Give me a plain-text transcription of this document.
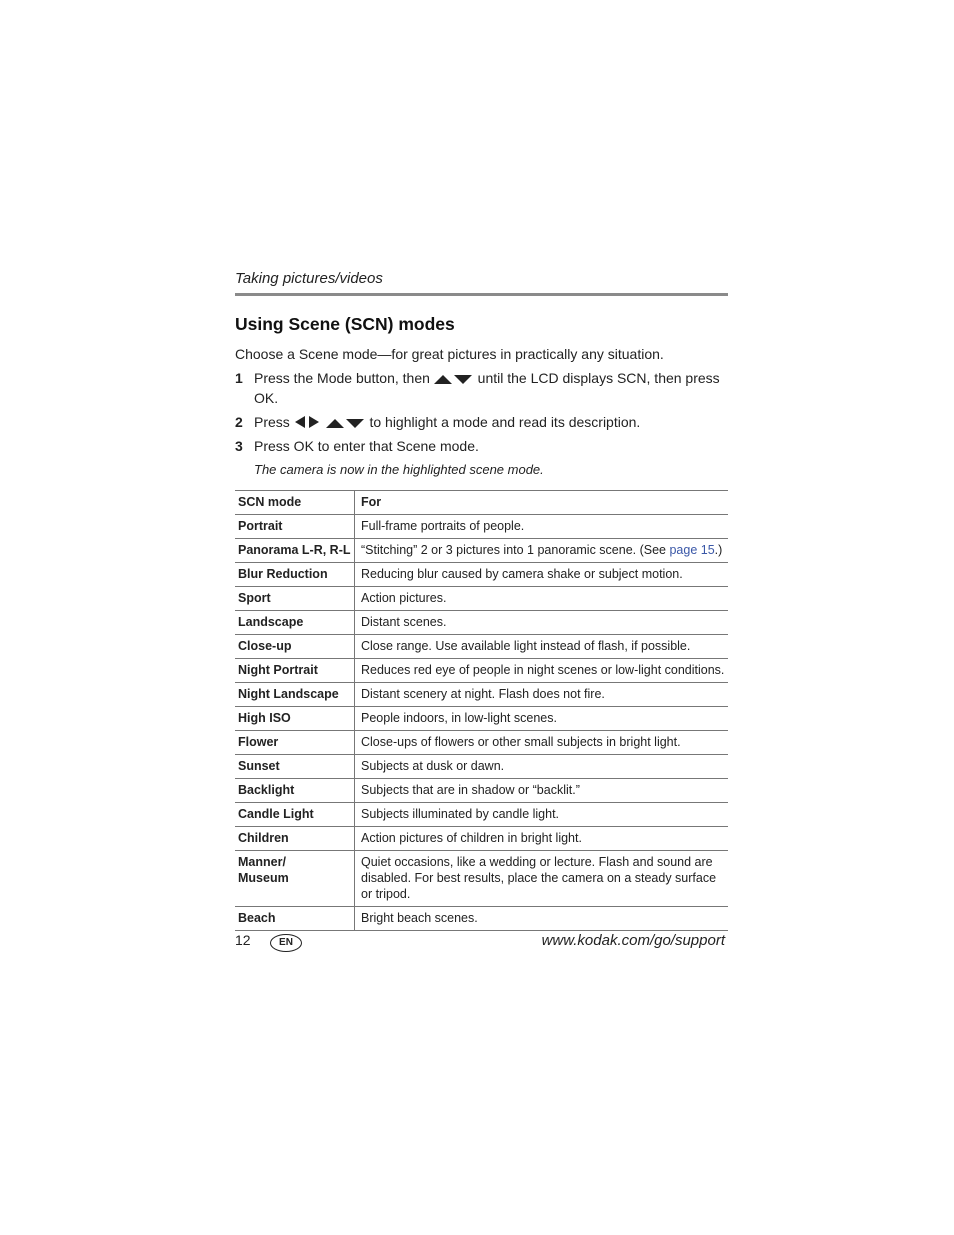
Taking pictures/videos
Using Scene (SCN) modes
Choose a Scene mode—for great pictures in practically any situation.
1 Press the Mode button, then	until the LCD displays SCN, then press OK.
2 Press	to highlight a mode and read its description.
3 Press OK to enter that Scene mode.
The camera is now in the highlighted scene mode.
SCN mode	For
Portrait	Full-frame portraits of people.
Panorama L-R, R-L	“Stitching” 2 or 3 pictures into 1 panoramic scene. (See page 15.)
Blur Reduction	Reducing blur caused by camera shake or subject motion.
Sport	Action pictures.
Landscape	Distant scenes.
Close-up	Close range. Use available light instead of flash, if possible.
Night Portrait	Reduces red eye of people in night scenes or low-light conditions.
Night Landscape	Distant scenery at night. Flash does not fire.
High ISO	People indoors, in low-light scenes.
Flower	Close-ups of flowers or other small subjects in bright light.
Sunset	Subjects at dusk or dawn.
Backlight	Subjects that are in shadow or “backlit.”
Candle Light	Subjects illuminated by candle light.
Children	Action pictures of children in bright light.
Manner/
Museum	Quiet occasions, like a wedding or lecture. Flash and sound are disabled. For best results, place the camera on a steady surface or tripod.
Beach	Bright beach scenes.
12	EN	www.kodak.com/go/support
